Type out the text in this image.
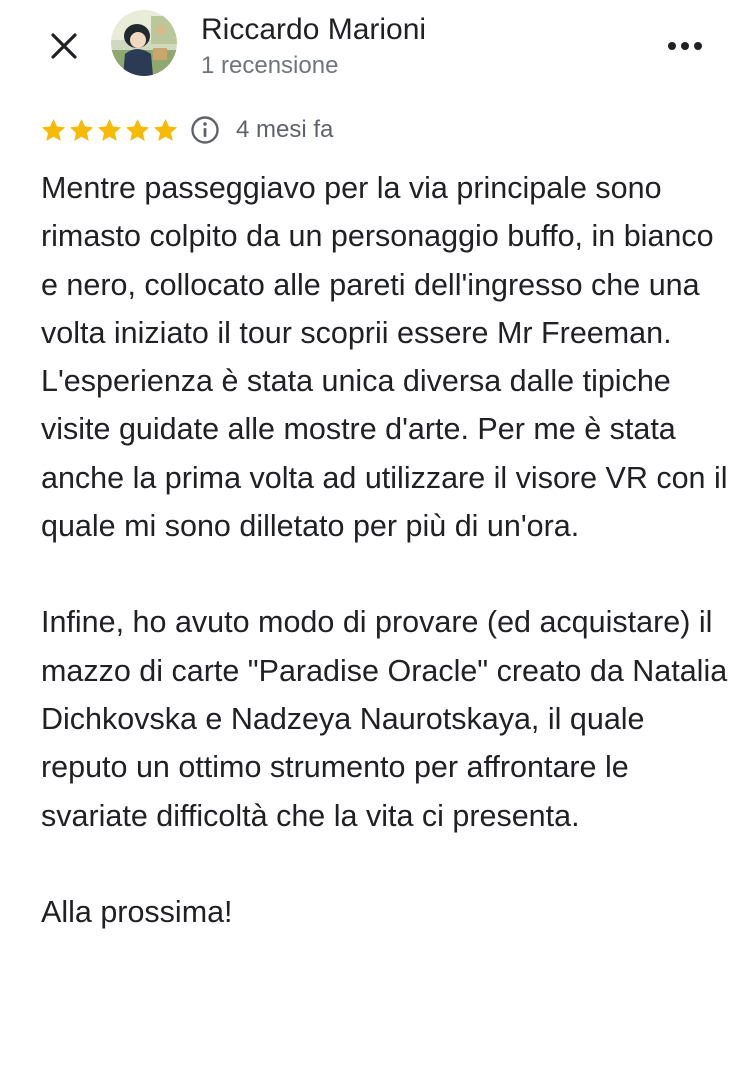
Riccardo Marioni
1 recensione
4 mesi fa

Mentre passeggiavo per la via principale sono rimasto colpito da un personaggio buffo, in bianco e nero, collocato alle pareti dell'ingresso che una volta iniziato il tour scoprii essere Mr Freeman. L'esperienza è stata unica diversa dalle tipiche visite guidate alle mostre d'arte. Per me è stata anche la prima volta ad utilizzare il visore VR con il quale mi sono dilletato per più di un'ora.

Infine, ho avuto modo di provare (ed acquistare) il mazzo di carte "Paradise Oracle" creato da Natalia Dichkovska e Nadzeya Naurotskaya, il quale reputo un ottimo strumento per affrontare le svariate difficoltà che la vita ci presenta.

Alla prossima!
